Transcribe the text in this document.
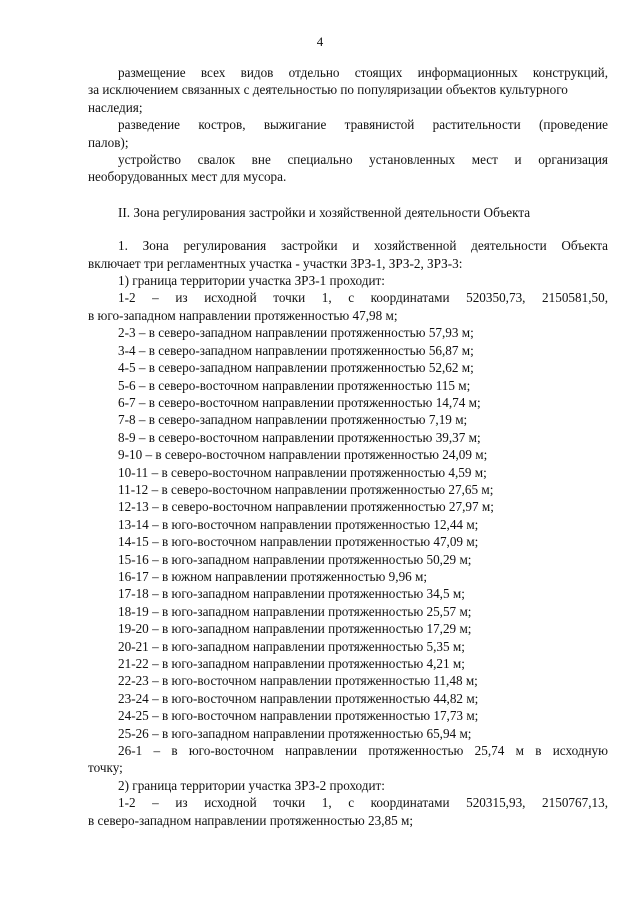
4

размещение всех видов отдельно стоящих информационных конструкций,

за исключением связанных с деятельностью по популяризации объектов культурного наследия;

разведение костров, выжигание травянистой растительности (проведение

палов);

устройство свалок вне специально установленных мест и организация

необорудованных мест для мусора.

II. Зона регулирования застройки и хозяйственной деятельности Объекта

1. Зона регулирования застройки и хозяйственной деятельности Объекта

включает три регламентных участка - участки ЗРЗ-1, ЗРЗ-2, ЗРЗ-3:

1) граница территории участка ЗРЗ-1 проходит:

1-2 – из исходной точки 1, с координатами 520350,73, 2150581,50,

в юго-западном направлении протяженностью 47,98 м;

2-3 – в северо-западном направлении протяженностью 57,93 м;

3-4 – в северо-западном направлении протяженностью 56,87 м;

4-5 – в северо-западном направлении протяженностью 52,62 м;

5-6 – в северо-восточном направлении протяженностью 115 м;

6-7 – в северо-восточном направлении протяженностью 14,74 м;

7-8 – в северо-западном направлении протяженностью 7,19 м;

8-9 – в северо-восточном направлении протяженностью 39,37 м;

9-10 – в северо-восточном направлении протяженностью 24,09 м;

10-11 – в северо-восточном направлении протяженностью 4,59 м;

11-12 – в северо-восточном направлении протяженностью 27,65 м;

12-13 – в северо-восточном направлении протяженностью 27,97 м;

13-14 – в юго-восточном направлении протяженностью 12,44 м;

14-15 – в юго-восточном направлении протяженностью 47,09 м;

15-16 – в юго-западном направлении протяженностью 50,29 м;

16-17 – в южном направлении протяженностью 9,96 м;

17-18 – в юго-западном направлении протяженностью 34,5 м;

18-19 – в юго-западном направлении протяженностью 25,57 м;

19-20 – в юго-западном направлении протяженностью 17,29 м;

20-21 – в юго-западном направлении протяженностью 5,35 м;

21-22 – в юго-западном направлении протяженностью 4,21 м;

22-23 – в юго-восточном направлении протяженностью 11,48 м;

23-24 – в юго-восточном направлении протяженностью 44,82 м;

24-25 – в юго-восточном направлении протяженностью 17,73 м;

25-26 – в юго-западном направлении протяженностью 65,94 м;

26-1 – в юго-восточном направлении протяженностью 25,74 м в исходную

точку;

2) граница территории участка ЗРЗ-2 проходит:

1-2 – из исходной точки 1, с координатами 520315,93, 2150767,13,

в северо-западном направлении протяженностью 23,85 м;
